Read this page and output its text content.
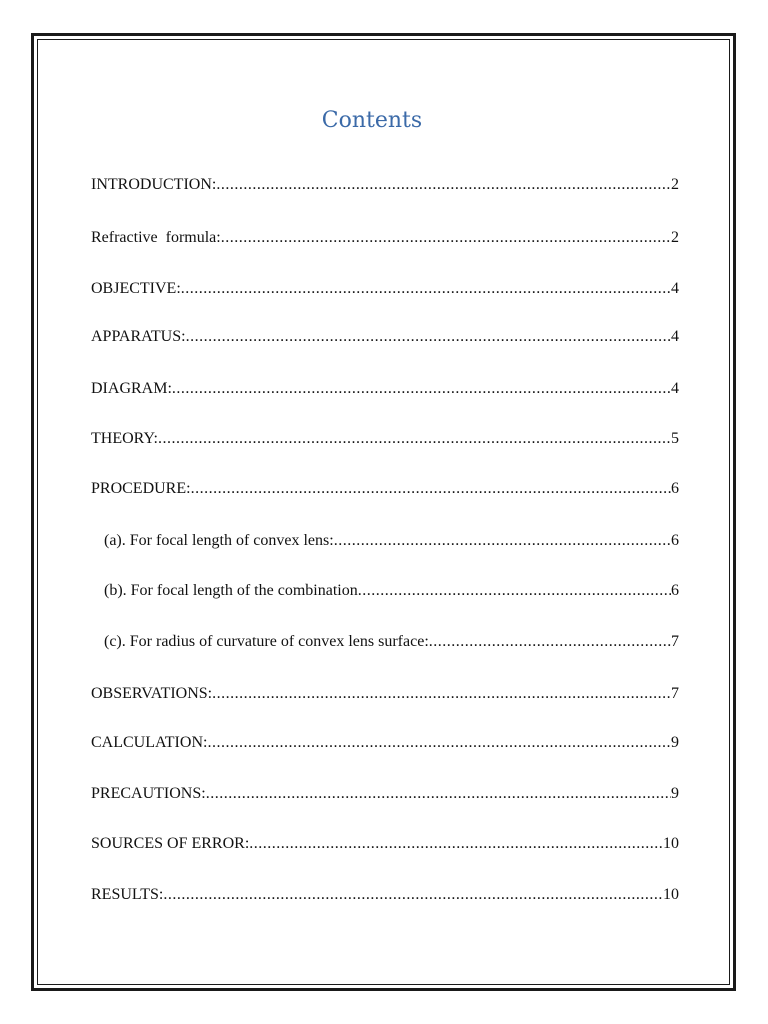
Contents
INTRODUCTION: .....	2
Refractive  formula: .....	2
OBJECTIVE: .....	4
APPARATUS: .....	4
DIAGRAM: .....	4
THEORY: .....	5
PROCEDURE: .....	6
(a). For focal length of convex lens: .....	6
(b). For focal length of the combination .....	6
(c). For radius of curvature of convex lens surface: .....	7
OBSERVATIONS: .....	7
CALCULATION: .....	9
PRECAUTIONS: .....	9
SOURCES OF ERROR: .....	10
RESULTS: .....	10
